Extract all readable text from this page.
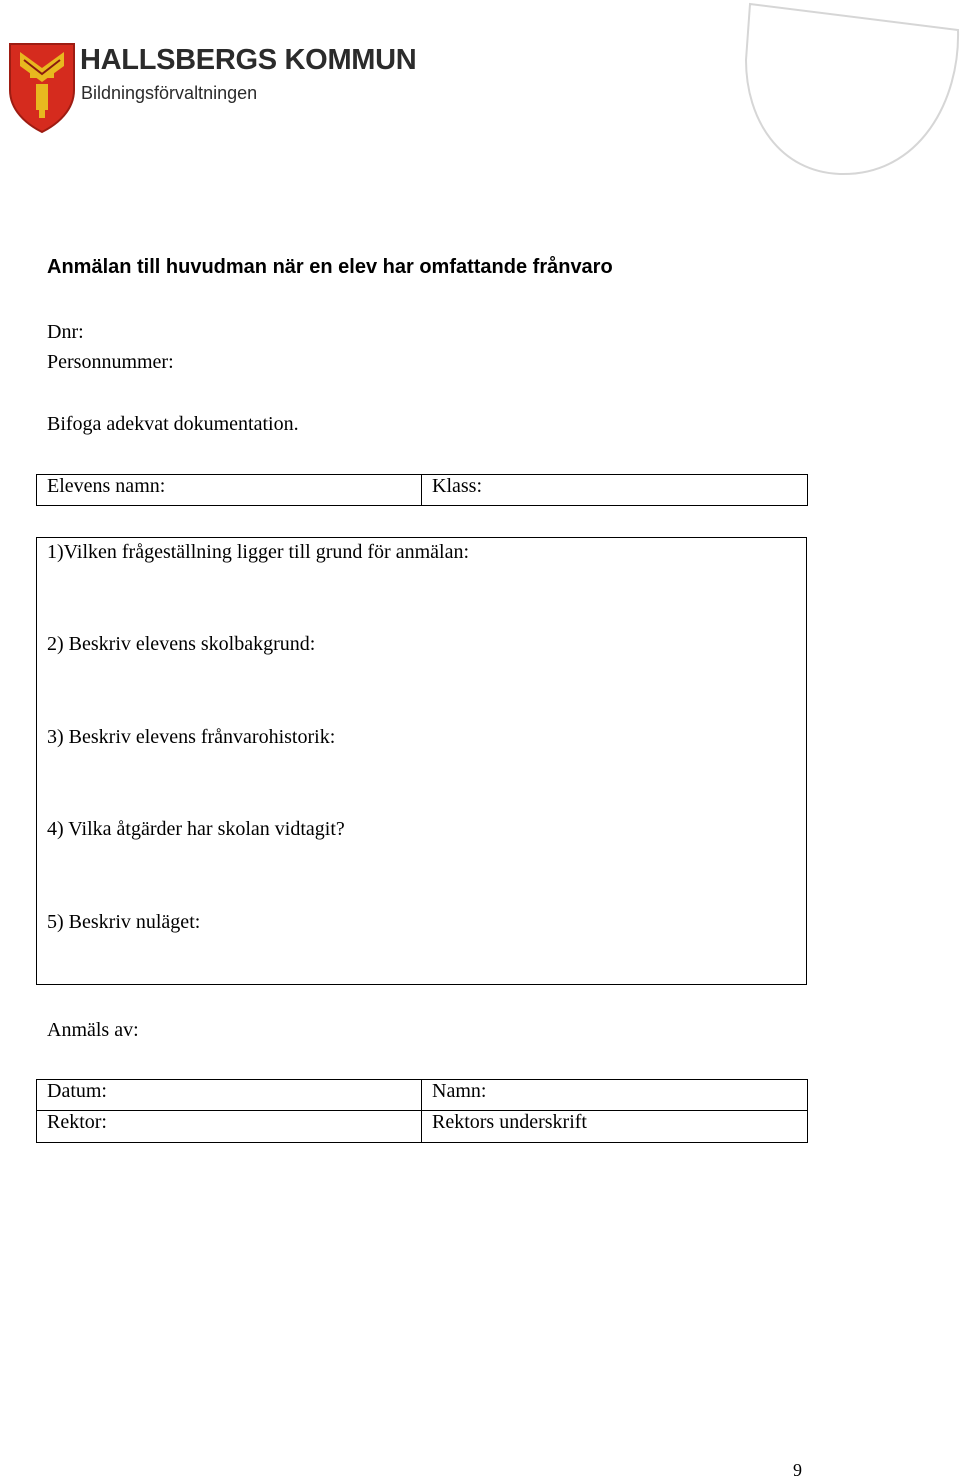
HALLSBERGS KOMMUN
Bildningsförvaltningen
Anmälan till huvudman när en elev har omfattande frånvaro
Dnr:
Personnummer:
Bifoga adekvat dokumentation.
Elevens namn:	Klass:
1)Vilken frågeställning ligger till grund för anmälan:
2) Beskriv elevens skolbakgrund:
3) Beskriv elevens frånvarohistorik:
4) Vilka åtgärder har skolan vidtagit?
5) Beskriv nuläget:
Anmäls av:
Datum:	Namn:
Rektor:	Rektors underskrift
9
